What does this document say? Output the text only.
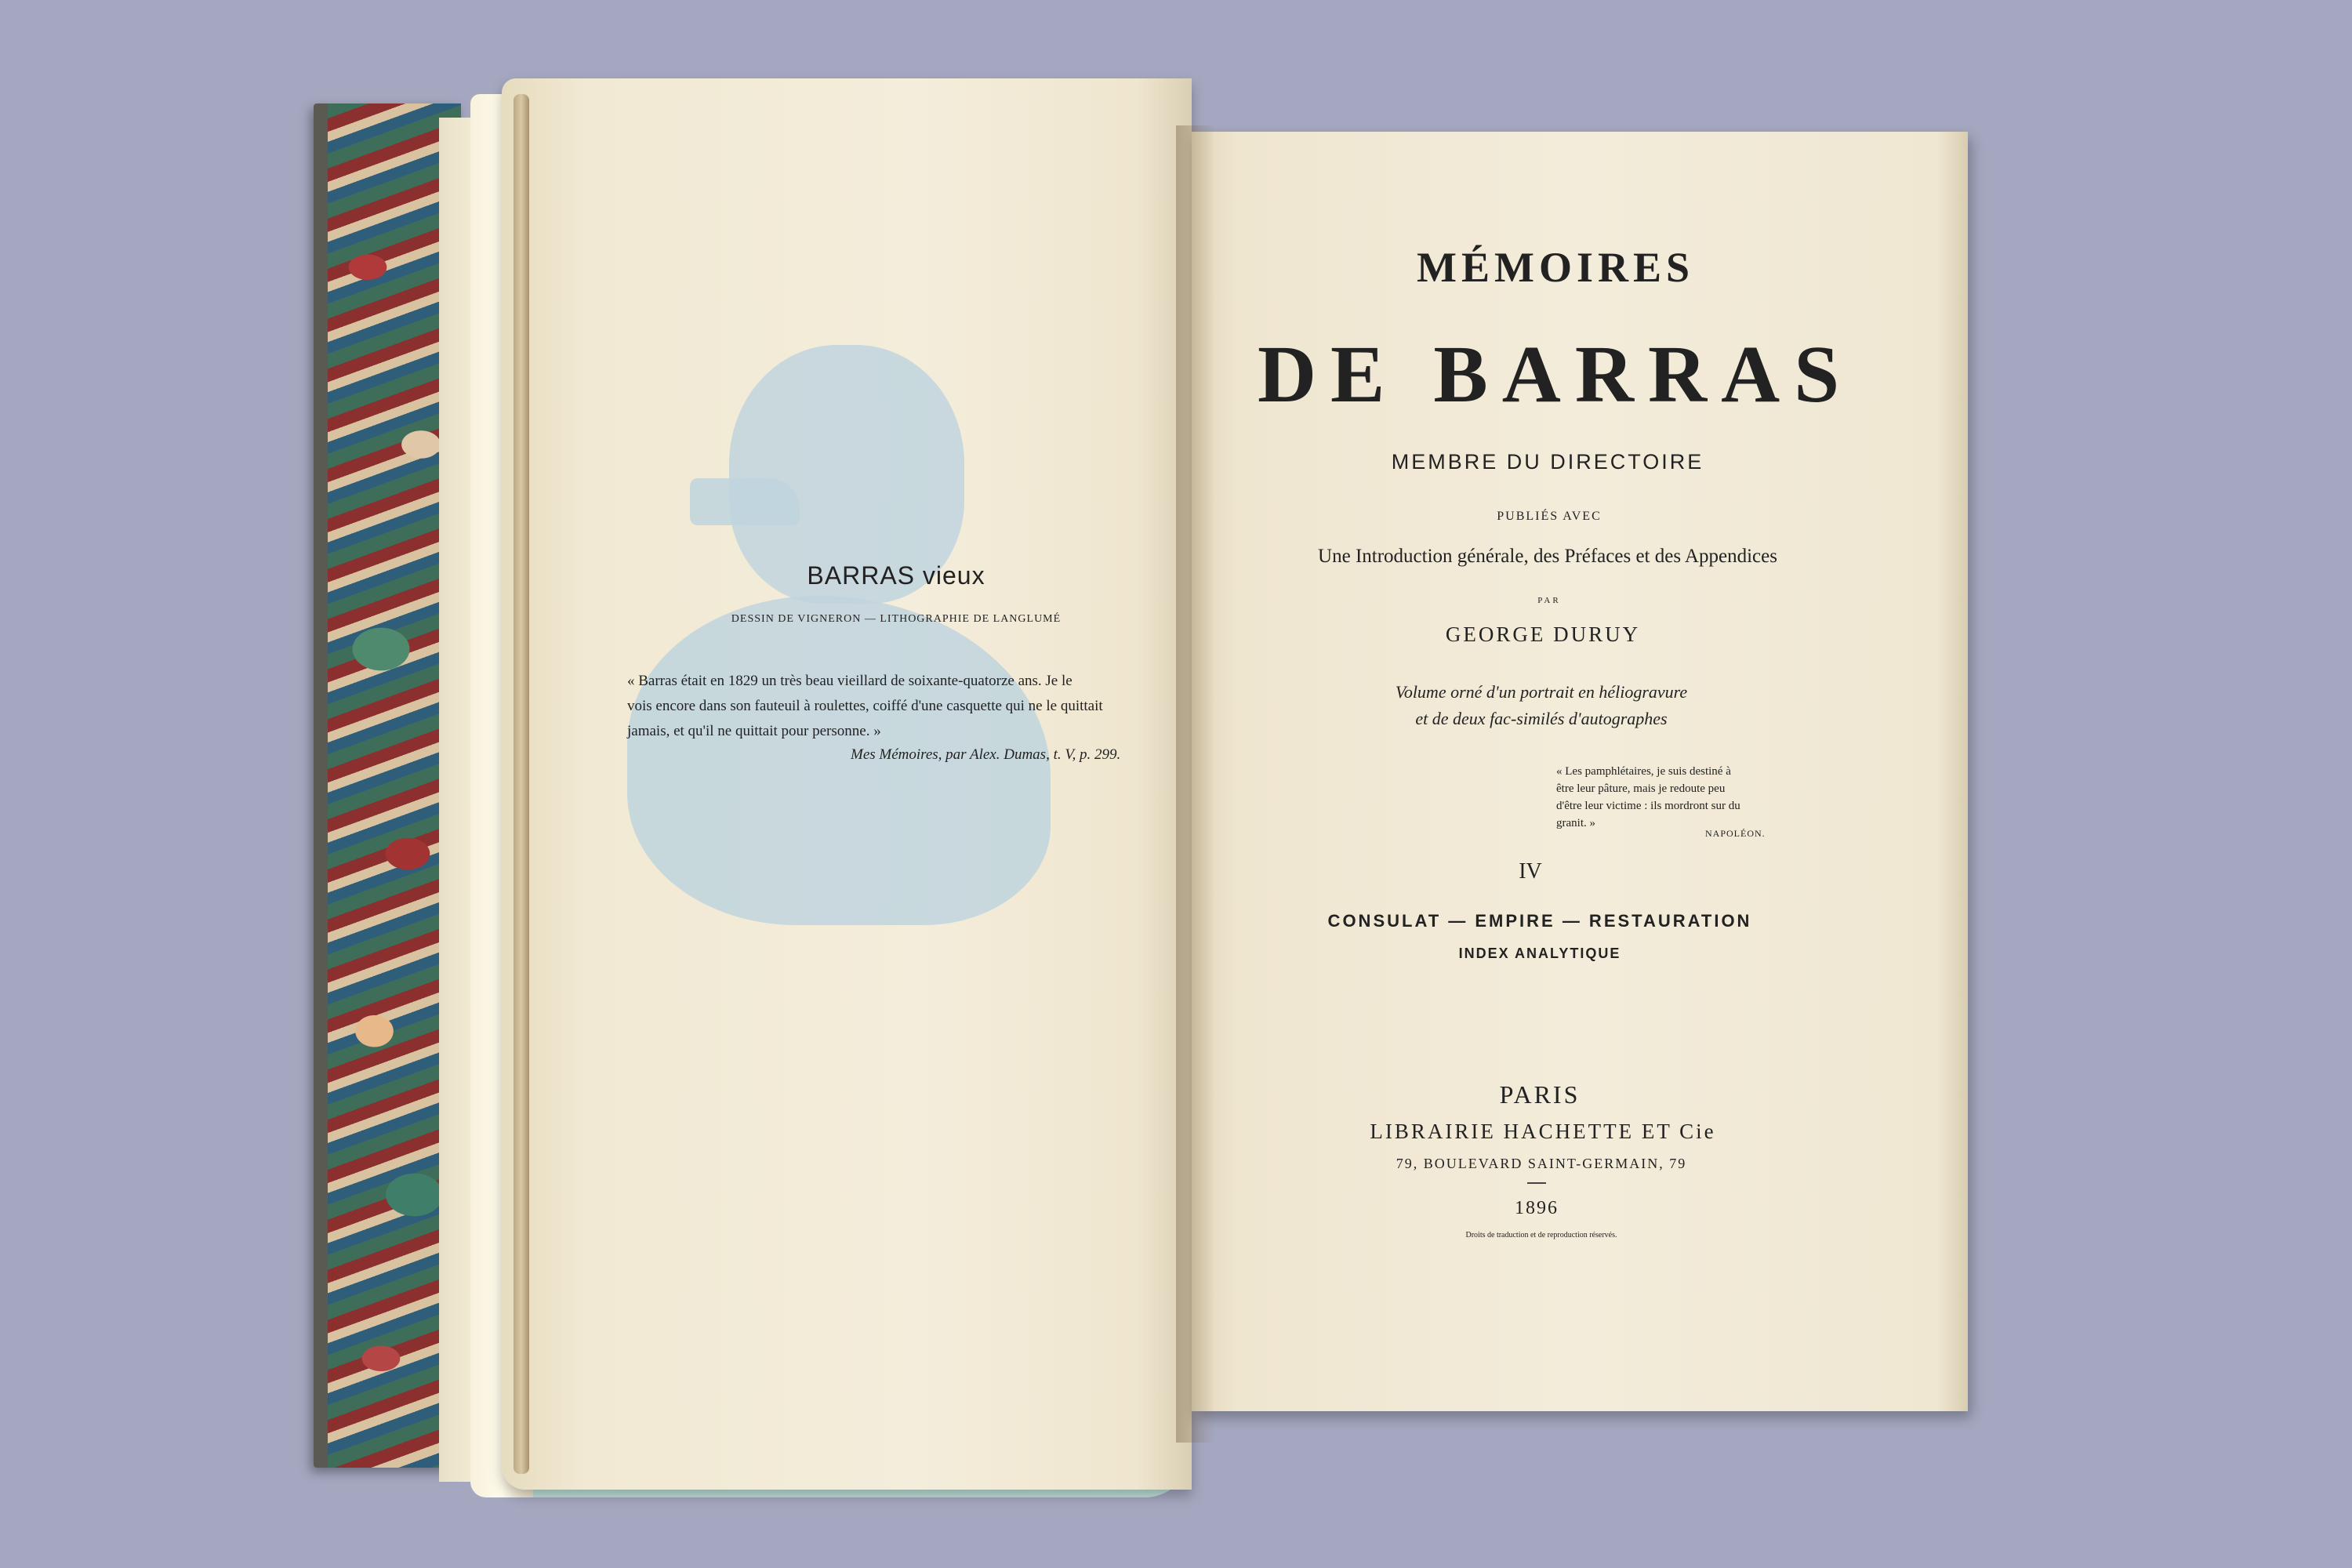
BARRAS vieux
DESSIN DE VIGNERON — LITHOGRAPHIE DE LANGLUMÉ
« Barras était en 1829 un très beau vieillard de soixante-quatorze ans. Je le
vois encore dans son fauteuil à roulettes, coiffé d'une casquette qui ne le quittait
jamais, et qu'il ne quittait pour personne. »
Mes Mémoires, par Alex. Dumas, t. V, p. 299.
MÉMOIRES
DE BARRAS
MEMBRE DU DIRECTOIRE
PUBLIÉS AVEC
Une Introduction générale, des Préfaces et des Appendices
PAR
GEORGE DURUY
Volume orné d'un portrait en héliogravure
et de deux fac-similés d'autographes
« Les pamphlétaires, je suis destiné à
être leur pâture, mais je redoute peu
d'être leur victime : ils mordront sur du
granit. »
NAPOLÉON.
IV
CONSULAT — EMPIRE — RESTAURATION
INDEX ANALYTIQUE
PARIS
LIBRAIRIE HACHETTE ET Cie
79, BOULEVARD SAINT-GERMAIN, 79
1896
Droits de traduction et de reproduction réservés.
